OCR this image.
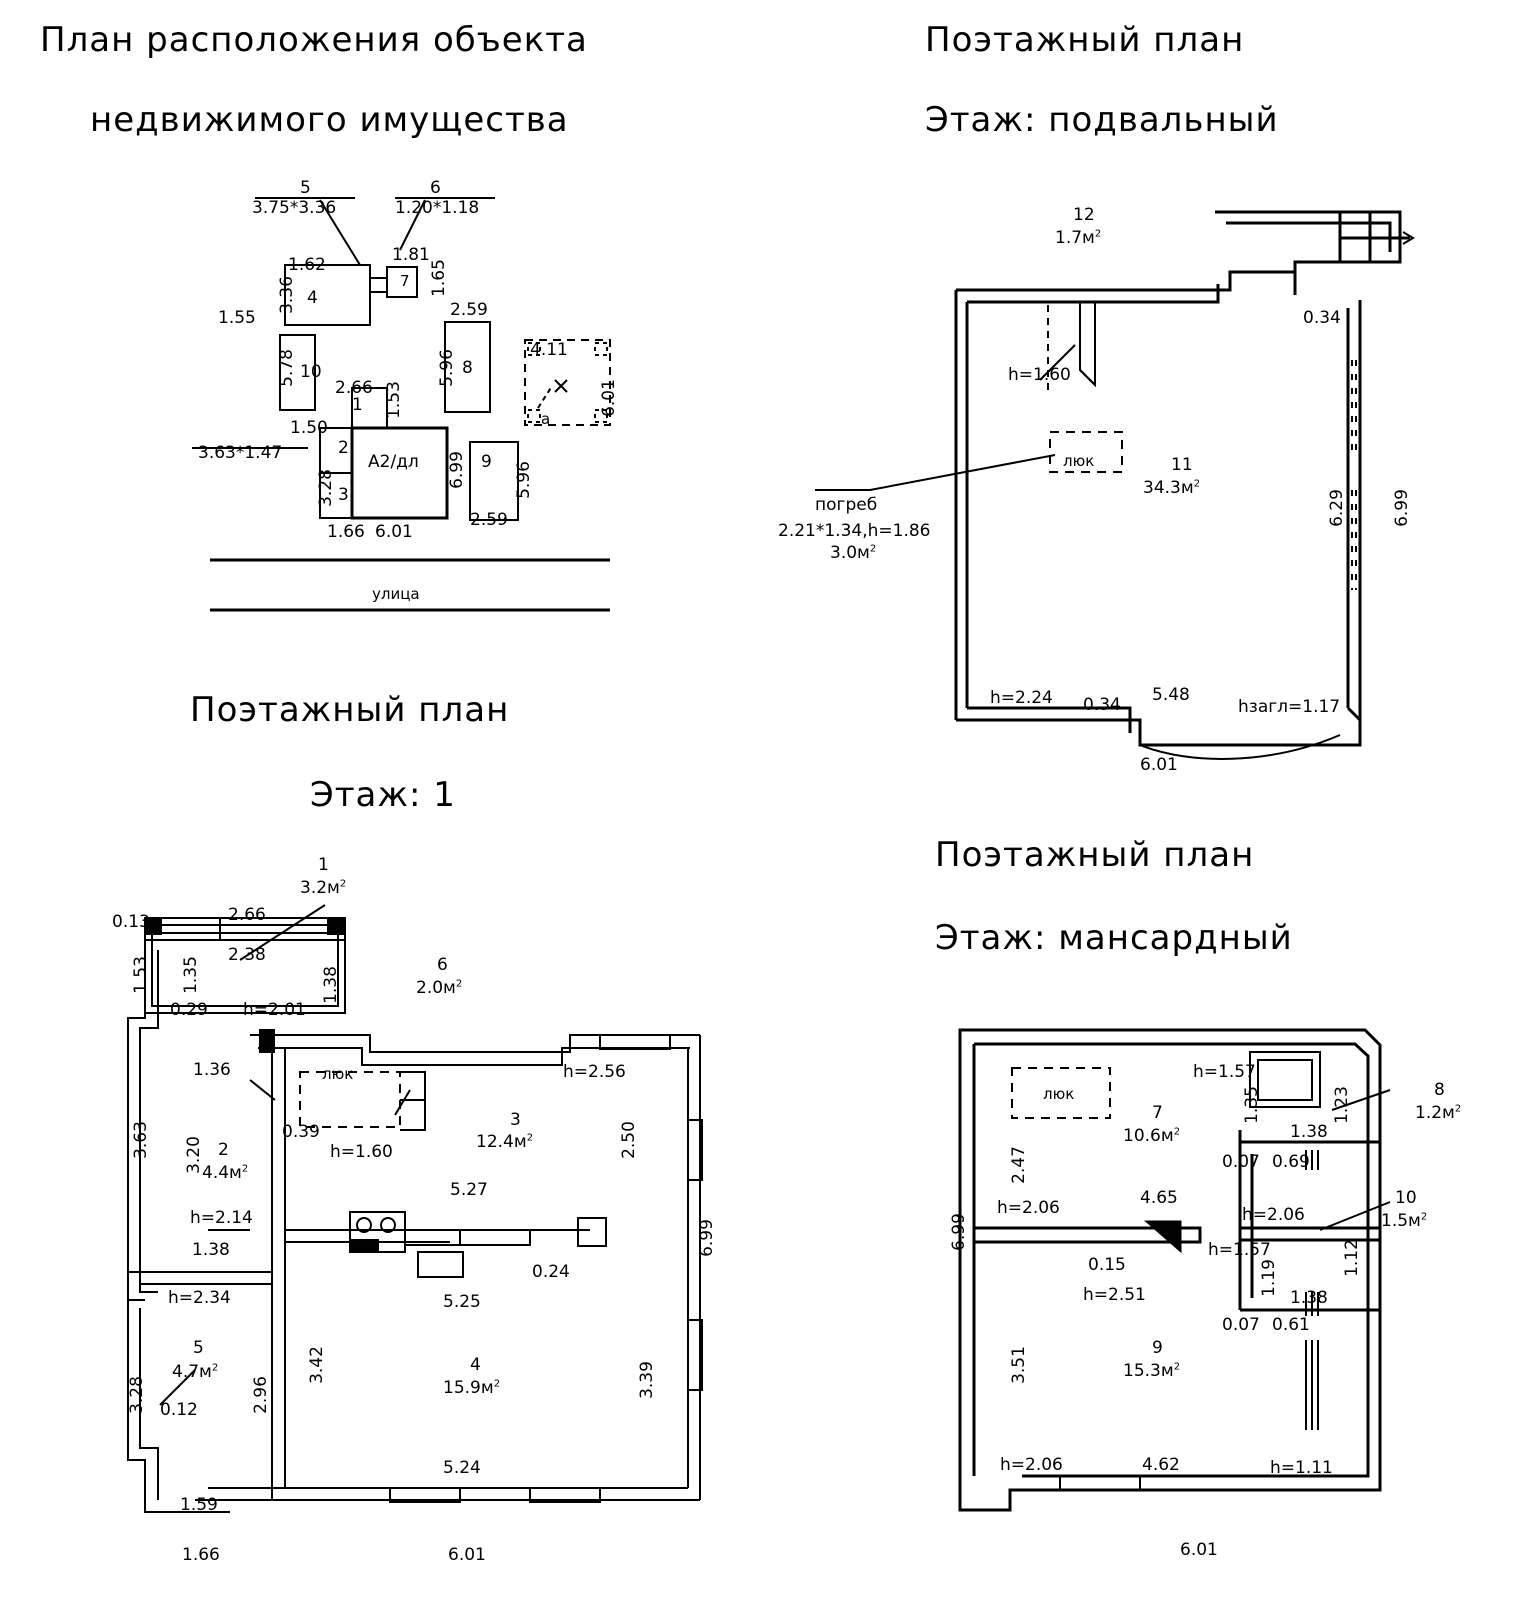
План расположения объекта
недвижимого имущества
Поэтажный план
Этаж: подвальный
Поэтажный план
Этаж: 1
Поэтажный план
Этаж: мансардный
5
3.75*3.36
6
1.20*1.18
1.62	1.81
1.65
3.36 4
7
1.55
5.78 10
2.59
5.96 8
4.11
а
6.01
2.66 1.53
1
1.50
2
3.63*1.47
3.28 3
А2/дл 6.99 9 5.96
2.59
1.66 6.01
улица
12
$1.7м^2$
h=1.60
0.34
погреб
2.21*1.34,h=1.86
$3.0м^2$
люк	11
$34.3м^2$
6.29	6.99
h=2.24 0.34 5.48
hзагл=1.17
6.01
1
$3.2м^2$
0.13	2.66
2.38
1.53 1.35	1.38
0.29 h=2.01
6
$2.0м^2$
1.36	люк	h=2.56
3
$12.4м^2$
0.39
h=1.60	2.50
3.63 3.20 2
$4.4м^2$
h=2.14
1.38
5.27
0.24
5.25
6.99
h=2.34
5
$4.7м^2$
3.28 0.12	2.96
3.42	4
$15.9м^2$	3.39
5.24
1.59
1.66	6.01
люк
h=1.57
1.35	1.23	8
$1.2м^2$
7
$10.6м^2$
2.47
1.38
0.07 0.69
h=2.06	4.65
h=2.06
10
$1.5м^2$
6.99
0.15
h=2.51
h=1.57
1.19
1.12
1.38
0.07 0.61
3.51	9
$15.3м^2$
h=2.06	4.62	h=1.11
6.01
